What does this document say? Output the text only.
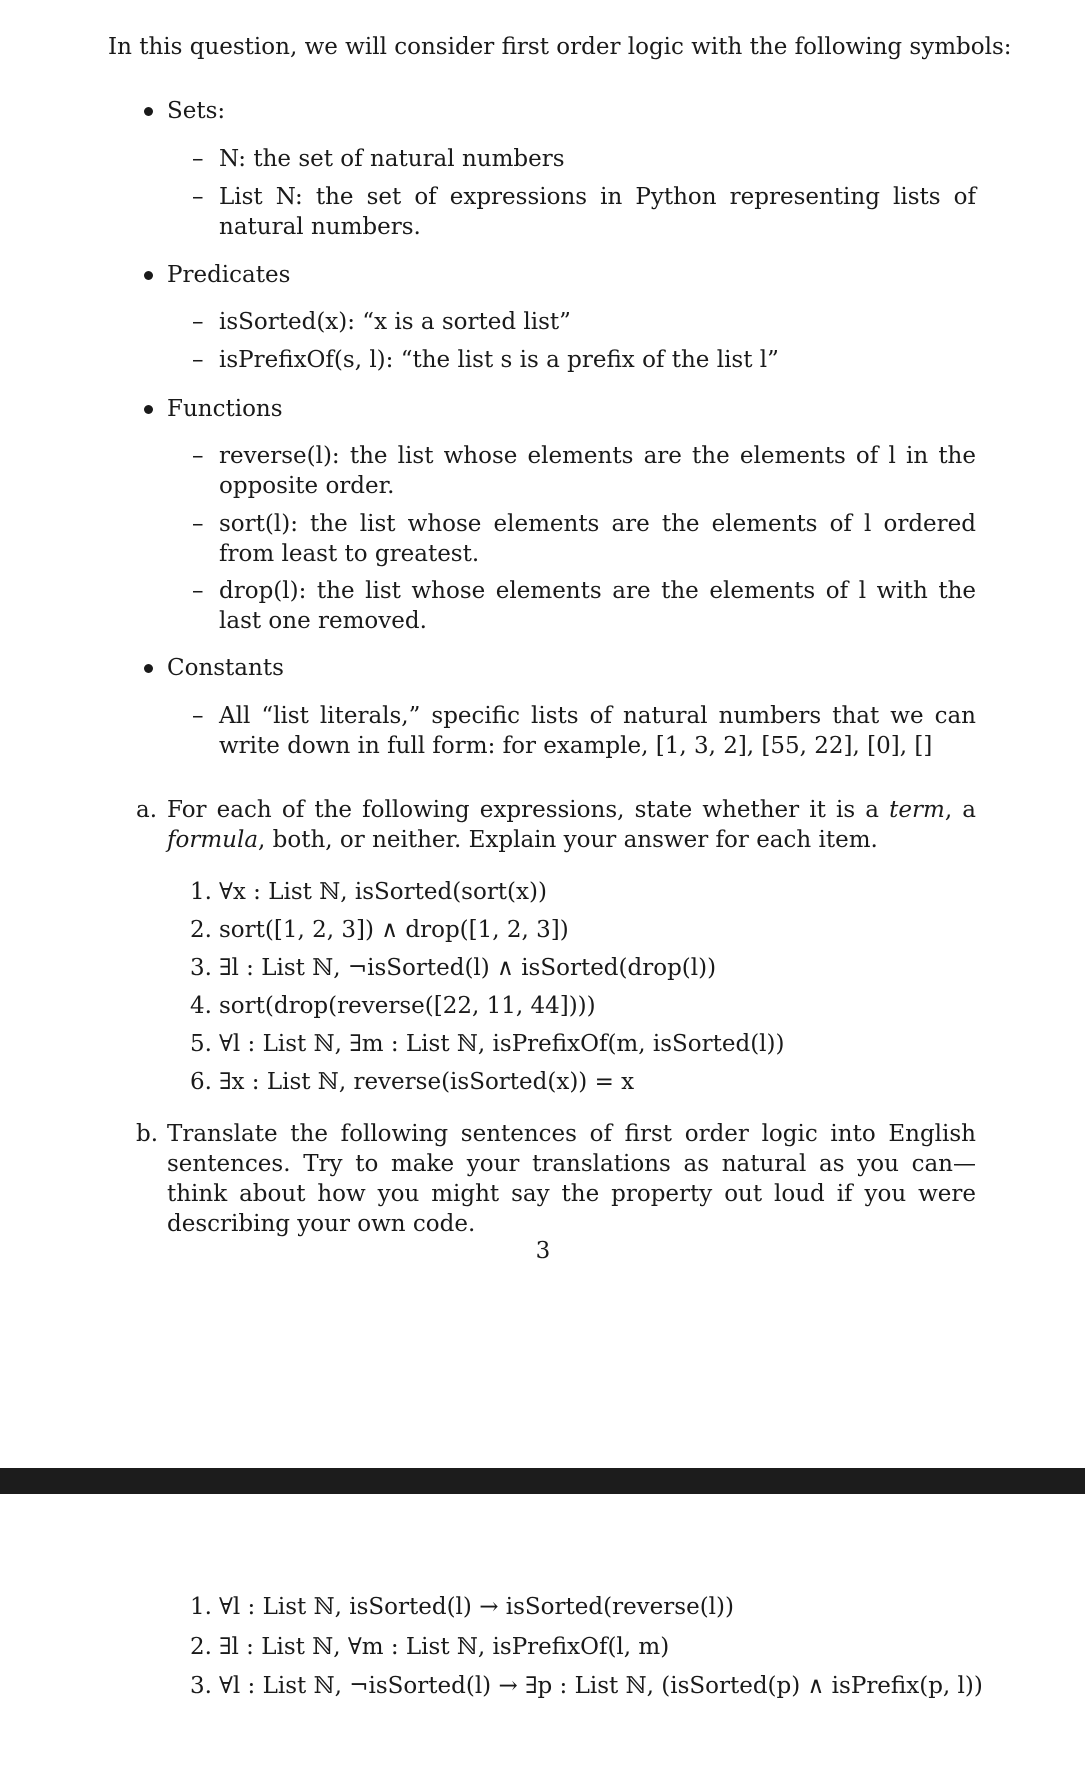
In this question, we will consider first order logic with the following symbols:
Sets:
– N: the set of natural numbers
– List N: the set of expressions in Python representing lists of natural numbers.
Predicates
– isSorted(x): “x is a sorted list”
– isPrefixOf(s, l): “the list s is a prefix of the list l”
Functions
– reverse(l): the list whose elements are the elements of l in the opposite order.
– sort(l): the list whose elements are the elements of l ordered from least to greatest.
– drop(l): the list whose elements are the elements of l with the last one removed.
Constants
– All “list literals,” specific lists of natural numbers that we can write down in full form: for example, [1, 3, 2], [55, 22], [0], []
a. For each of the following expressions, state whether it is a term, a formula, both, or neither. Explain your answer for each item.
1. ∀x : List ℕ, isSorted(sort(x))
2. sort([1, 2, 3]) ∧ drop([1, 2, 3])
3. ∃l : List ℕ, ¬isSorted(l) ∧ isSorted(drop(l))
4. sort(drop(reverse([22, 11, 44])))
5. ∀l : List ℕ, ∃m : List ℕ, isPrefixOf(m, isSorted(l))
6. ∃x : List ℕ, reverse(isSorted(x)) = x
b. Translate the following sentences of first order logic into English sentences. Try to make your translations as natural as you can—think about how you might say the property out loud if you were describing your own code.
3
1. ∀l : List ℕ, isSorted(l) → isSorted(reverse(l))
2. ∃l : List ℕ, ∀m : List ℕ, isPrefixOf(l, m)
3. ∀l : List ℕ, ¬isSorted(l) → ∃p : List ℕ, (isSorted(p) ∧ isPrefix(p, l))
